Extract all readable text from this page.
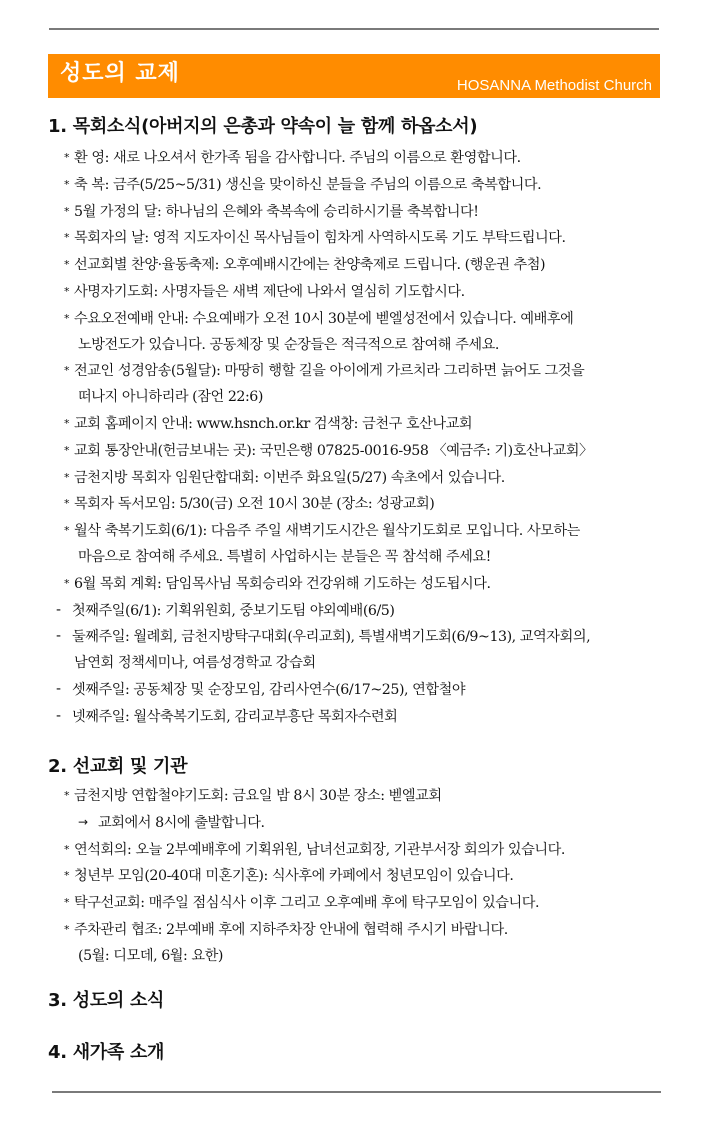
성도의 교제	HOSANNA Methodist Church
1. 목회소식(아버지의 은총과 약속이 늘 함께 하옵소서)
* 환 영: 새로 나오셔서 한가족 됨을 감사합니다. 주님의 이름으로 환영합니다.
* 축 복: 금주(5/25~5/31) 생신을 맞이하신 분들을 주님의 이름으로 축복합니다.
* 5월 가정의 달: 하나님의 은혜와 축복속에 승리하시기를 축복합니다!
* 목회자의 날: 영적 지도자이신 목사님들이 힘차게 사역하시도록 기도 부탁드립니다.
* 선교회별 찬양·율동축제: 오후예배시간에는 찬양축제로 드립니다. (행운권 추첨)
* 사명자기도회: 사명자들은 새벽 제단에 나와서 열심히 기도합시다.
* 수요오전예배 안내: 수요예배가 오전 10시 30분에 벧엘성전에서 있습니다. 예배후에
노방전도가 있습니다. 공동체장 및 순장들은 적극적으로 참여해 주세요.
* 전교인 성경암송(5월달): 마땅히 행할 길을 아이에게 가르치라 그리하면 늙어도 그것을
떠나지 아니하리라 (잠언 22:6)
* 교회 홈페이지 안내: www.hsnch.or.kr 검색창: 금천구 호산나교회
* 교회 통장안내(헌금보내는 곳): 국민은행 07825-0016-958 〈예금주: 기)호산나교회〉
* 금천지방 목회자 임원단합대회: 이번주 화요일(5/27) 속초에서 있습니다.
* 목회자 독서모임: 5/30(금) 오전 10시 30분 (장소: 성광교회)
* 월삭 축복기도회(6/1): 다음주 주일 새벽기도시간은 월삭기도회로 모입니다. 사모하는
마음으로 참여해 주세요. 특별히 사업하시는 분들은 꼭 참석해 주세요!
* 6월 목회 계획: 담임목사님 목회승리와 건강위해 기도하는 성도됩시다.
- 첫째주일(6/1): 기획위원회, 중보기도팀 야외예배(6/5)
- 둘째주일: 월례회, 금천지방탁구대회(우리교회), 특별새벽기도회(6/9~13), 교역자회의,
남연회 정책세미나, 여름성경학교 강습회
- 셋째주일: 공동체장 및 순장모임, 감리사연수(6/17~25), 연합철야
- 넷째주일: 월삭축복기도회, 감리교부흥단 목회자수련회
2. 선교회 및 기관
* 금천지방 연합철야기도회: 금요일 밤 8시 30분 장소: 벧엘교회
→ 교회에서 8시에 출발합니다.
* 연석회의: 오늘 2부예배후에 기획위원, 남녀선교회장, 기관부서장 회의가 있습니다.
* 청년부 모임(20-40대 미혼기혼): 식사후에 카페에서 청년모임이 있습니다.
* 탁구선교회: 매주일 점심식사 이후 그리고 오후예배 후에 탁구모임이 있습니다.
* 주차관리 협조: 2부예배 후에 지하주차장 안내에 협력해 주시기 바랍니다.
(5월: 디모데, 6월: 요한)
3. 성도의 소식
4. 새가족 소개
